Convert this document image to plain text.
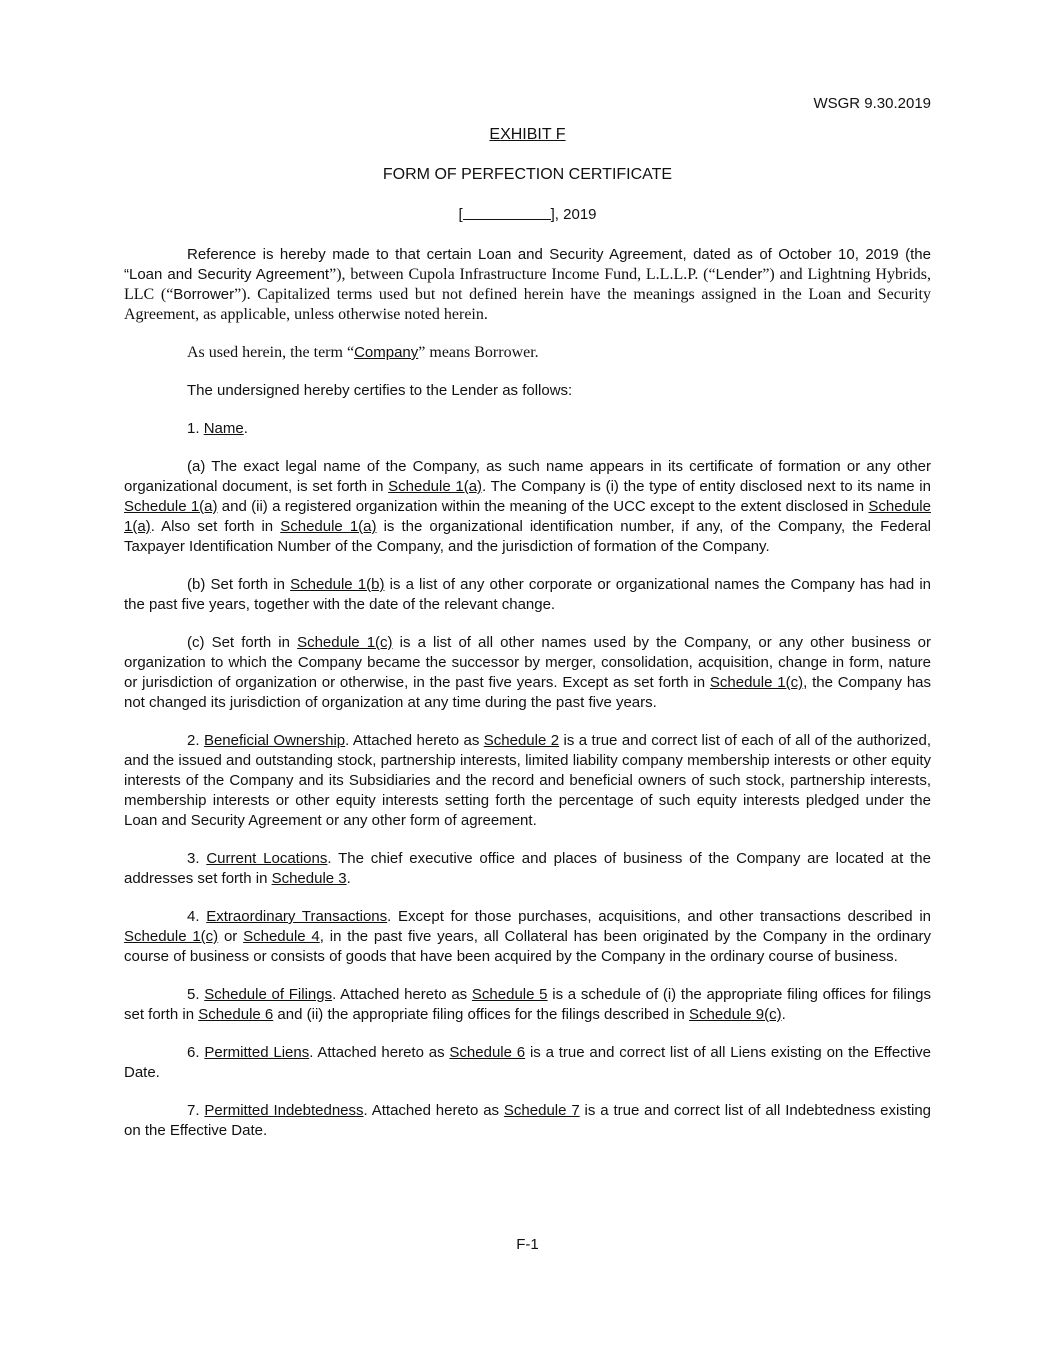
WSGR 9.30.2019
EXHIBIT F
FORM OF PERFECTION CERTIFICATE
[	], 2019

Reference is hereby made to that certain Loan and Security Agreement, dated as of October 10, 2019 (the “Loan and Security Agreement”), between Cupola Infrastructure Income Fund, L.L.L.P. (“Lender”) and Lightning Hybrids, LLC (“Borrower”). Capitalized terms used but not defined herein have the meanings assigned in the Loan and Security Agreement, as applicable, unless otherwise noted herein.

As used herein, the term “Company” means Borrower.

The undersigned hereby certifies to the Lender as follows:

1. Name.

(a) The exact legal name of the Company, as such name appears in its certificate of formation or any other organizational document, is set forth in Schedule 1(a). The Company is (i) the type of entity disclosed next to its name in Schedule 1(a) and (ii) a registered organization within the meaning of the UCC except to the extent disclosed in Schedule 1(a). Also set forth in Schedule 1(a) is the organizational identification number, if any, of the Company, the Federal Taxpayer Identification Number of the Company, and the jurisdiction of formation of the Company.

(b) Set forth in Schedule 1(b) is a list of any other corporate or organizational names the Company has had in the past five years, together with the date of the relevant change.

(c) Set forth in Schedule 1(c) is a list of all other names used by the Company, or any other business or organization to which the Company became the successor by merger, consolidation, acquisition, change in form, nature or jurisdiction of organization or otherwise, in the past five years. Except as set forth in Schedule 1(c), the Company has not changed its jurisdiction of organization at any time during the past five years.

2. Beneficial Ownership. Attached hereto as Schedule 2 is a true and correct list of each of all of the authorized, and the issued and outstanding stock, partnership interests, limited liability company membership interests or other equity interests of the Company and its Subsidiaries and the record and beneficial owners of such stock, partnership interests, membership interests or other equity interests setting forth the percentage of such equity interests pledged under the Loan and Security Agreement or any other form of agreement.

3. Current Locations. The chief executive office and places of business of the Company are located at the addresses set forth in Schedule 3.

4. Extraordinary Transactions. Except for those purchases, acquisitions, and other transactions described in Schedule 1(c) or Schedule 4, in the past five years, all Collateral has been originated by the Company in the ordinary course of business or consists of goods that have been acquired by the Company in the ordinary course of business.

5. Schedule of Filings. Attached hereto as Schedule 5 is a schedule of (i) the appropriate filing offices for filings set forth in Schedule 6 and (ii) the appropriate filing offices for the filings described in Schedule 9(c).

6. Permitted Liens. Attached hereto as Schedule 6 is a true and correct list of all Liens existing on the Effective Date.

7. Permitted Indebtedness. Attached hereto as Schedule 7 is a true and correct list of all Indebtedness existing on the Effective Date.

F-1
